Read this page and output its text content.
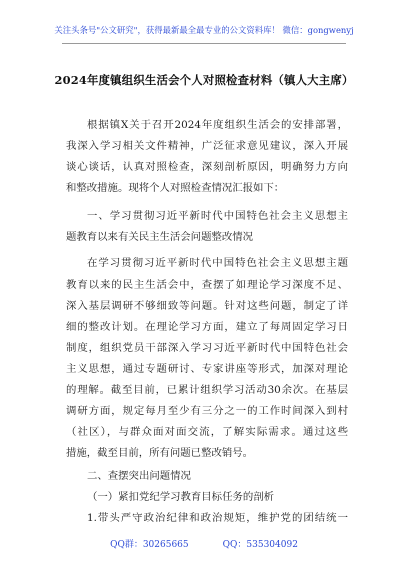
关注头条号"公文研究"，获得最新最全最专业的公文资料库！ 微信：gongwenyj
2024年度镇组织生活会个人对照检查材料（镇人大主席）
根据镇X关于召开2024年度组织生活会的安排部署，
我深入学习相关文件精神，广泛征求意见建议，深入开展
谈心谈话，认真对照检查，深刻剖析原因，明确努力方向
和整改措施。现将个人对照检查情况汇报如下：
一、学习贯彻习近平新时代中国特色社会主义思想主
题教育以来有关民主生活会问题整改情况
在学习贯彻习近平新时代中国特色社会主义思想主题
教育以来的民主生活会中，查摆了如理论学习深度不足、
深入基层调研不够细致等问题。针对这些问题，制定了详
细的整改计划。在理论学习方面，建立了每周固定学习日
制度，组织党员干部深入学习习近平新时代中国特色社会
主义思想，通过专题研讨、专家讲座等形式，加深对理论
的理解。截至目前，已累计组织学习活动30余次。在基层
调研方面，规定每月至少有三分之一的工作时间深入到村
（社区），与群众面对面交流，了解实际需求。通过这些
措施，截至目前，所有问题已整改销号。
二、查摆突出问题情况
（一）紧扣党纪学习教育目标任务的剖析
1.带头严守政治纪律和政治规矩，维护党的团结统一
QQ群：30265665	QQ：535304092
